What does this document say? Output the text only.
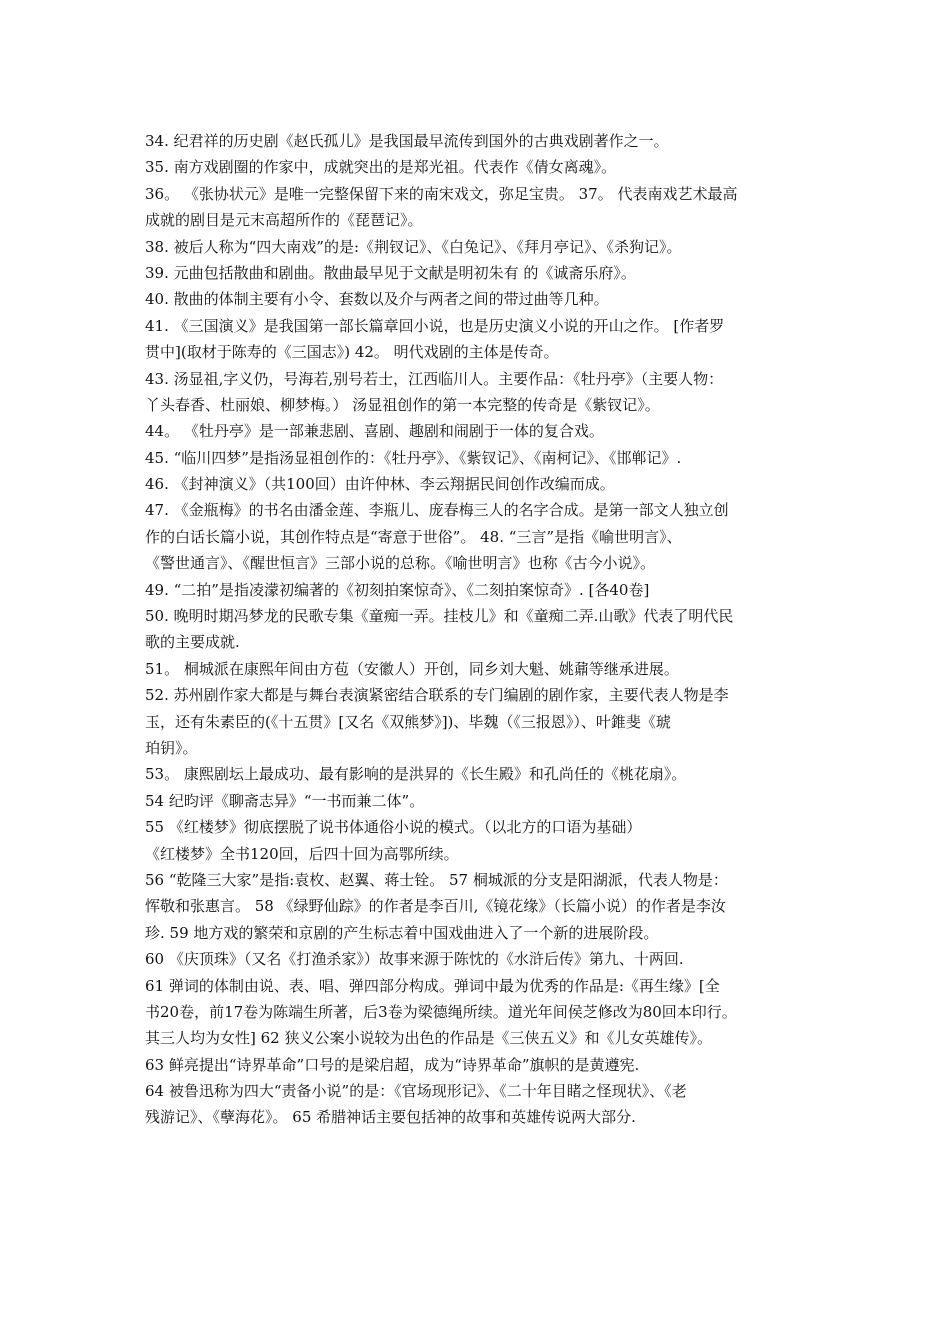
34. 纪君祥的历史剧《赵氏孤儿》是我国最早流传到国外的古典戏剧著作之一。
35. 南方戏剧圈的作家中，成就突出的是郑光祖。代表作《倩女离魂》。
36。 《张协状元》是唯一完整保留下来的南宋戏文，弥足宝贵。 37。 代表南戏艺术最高
成就的剧目是元末高超所作的《琵琶记》。
38. 被后人称为“四大南戏”的是:《荆钗记》、《白兔记》、《拜月亭记》、《杀狗记》。
39. 元曲包括散曲和剧曲。散曲最早见于文献是明初朱有 的《诚斋乐府》。
40. 散曲的体制主要有小令、套数以及介与两者之间的带过曲等几种。
41. 《三国演义》是我国第一部长篇章回小说，也是历史演义小说的开山之作。 [作者罗
贯中](取材于陈寿的《三国志》) 42。 明代戏剧的主体是传奇。
43. 汤显祖,字义仍，号海若,别号若士，江西临川人。主要作品：《牡丹亭》（主要人物：
丫头春香、杜丽娘、柳梦梅。） 汤显祖创作的第一本完整的传奇是《紫钗记》。
44。 《牡丹亭》是一部兼悲剧、喜剧、趣剧和闹剧于一体的复合戏。
45. “临川四梦”是指汤显祖创作的：《牡丹亭》、《紫钗记》、《南柯记》、《邯郸记》.
46. 《封神演义》（共100回）由许仲林、李云翔据民间创作改编而成。
47. 《金瓶梅》的书名由潘金莲、李瓶儿、庞春梅三人的名字合成。是第一部文人独立创
作的白话长篇小说，其创作特点是“寄意于世俗”。 48. “三言”是指《喻世明言》、
《警世通言》、《醒世恒言》三部小说的总称。《喻世明言》也称《古今小说》。
49. “二拍”是指凌濛初编著的《初刻拍案惊奇》、《二刻拍案惊奇》. [各40卷]
50. 晚明时期冯梦龙的民歌专集《童痴一弄。挂枝儿》和《童痴二弄.山歌》代表了明代民
歌的主要成就.
51。 桐城派在康熙年间由方苞（安徽人）开创，同乡刘大魁、姚鼐等继承进展。
52. 苏州剧作家大都是与舞台表演紧密结合联系的专门编剧的剧作家，主要代表人物是李
玉，还有朱素臣的(《十五贯》[又名《双熊梦》])、毕魏（《三报恩》）、叶錐斐《琥
珀钥》。
53。 康熙剧坛上最成功、最有影响的是洪昇的《长生殿》和孔尚任的《桃花扇》。
54 纪昀评《聊斋志异》“一书而兼二体”。
55 《红楼梦》彻底摆脱了说书体通俗小说的模式。（以北方的口语为基础）
《红楼梦》全书120回，后四十回为高鄂所续。
56 “乾隆三大家”是指:袁枚、赵翼、蒋士铨。 57 桐城派的分支是阳湖派，代表人物是：
恽敬和张惠言。 58 《绿野仙踪》的作者是李百川,《镜花缘》（长篇小说）的作者是李汝
珍. 59 地方戏的繁荣和京剧的产生标志着中国戏曲进入了一个新的进展阶段。
60 《庆顶珠》（又名《打渔杀家》）故事来源于陈忱的《水浒后传》第九、十两回.
61 弹词的体制由说、表、唱、弹四部分构成。弹词中最为优秀的作品是:《再生缘》[全
书20卷，前17卷为陈端生所著，后3卷为梁德绳所续。道光年间侯芝修改为80回本印行。
其三人均为女性] 62 狭义公案小说较为出色的作品是《三侠五义》和《儿女英雄传》。
63 鲜亮提出“诗界革命”口号的是梁启超，成为“诗界革命”旗帜的是黄遵宪.
64 被鲁迅称为四大“责备小说”的是：《官场现形记》、《二十年目睹之怪现状》、《老
残游记》、《孽海花》。 65 希腊神话主要包括神的故事和英雄传说两大部分.
